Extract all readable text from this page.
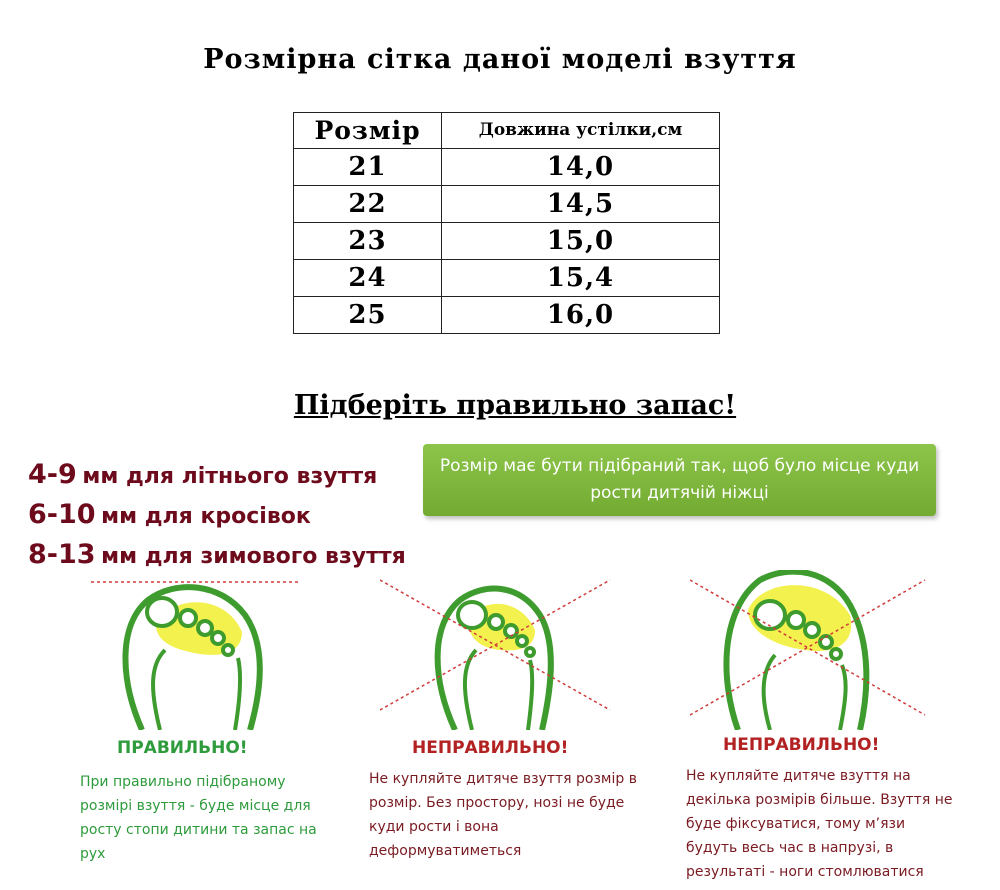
Розмірна сітка даної моделі взуття
Розмір	Довжина устілки,см
21	14,0
22	14,5
23	15,0
24	15,4
25	16,0
Підберіть правильно запас!
4-9 мм для літнього взуття
6-10 мм для кросівок
8-13 мм для зимового взуття
Розмір має бути підібраний так, щоб було місце куди рости дитячій ніжці
ПРАВИЛЬНО!	НЕПРАВИЛЬНО!	НЕПРАВИЛЬНО!
При правильно підібраному розмірі взуття - буде місце для росту стопи дитини та запас на рух
Не купляйте дитяче взуття розмір в розмір. Без простору, нозі не буде куди рости і вона деформуватиметься
Не купляйте дитяче взуття на декілька розмірів більше. Взуття не буде фіксуватися, тому м’язи будуть весь час в напрузі, в результаті - ноги стомлюватися
